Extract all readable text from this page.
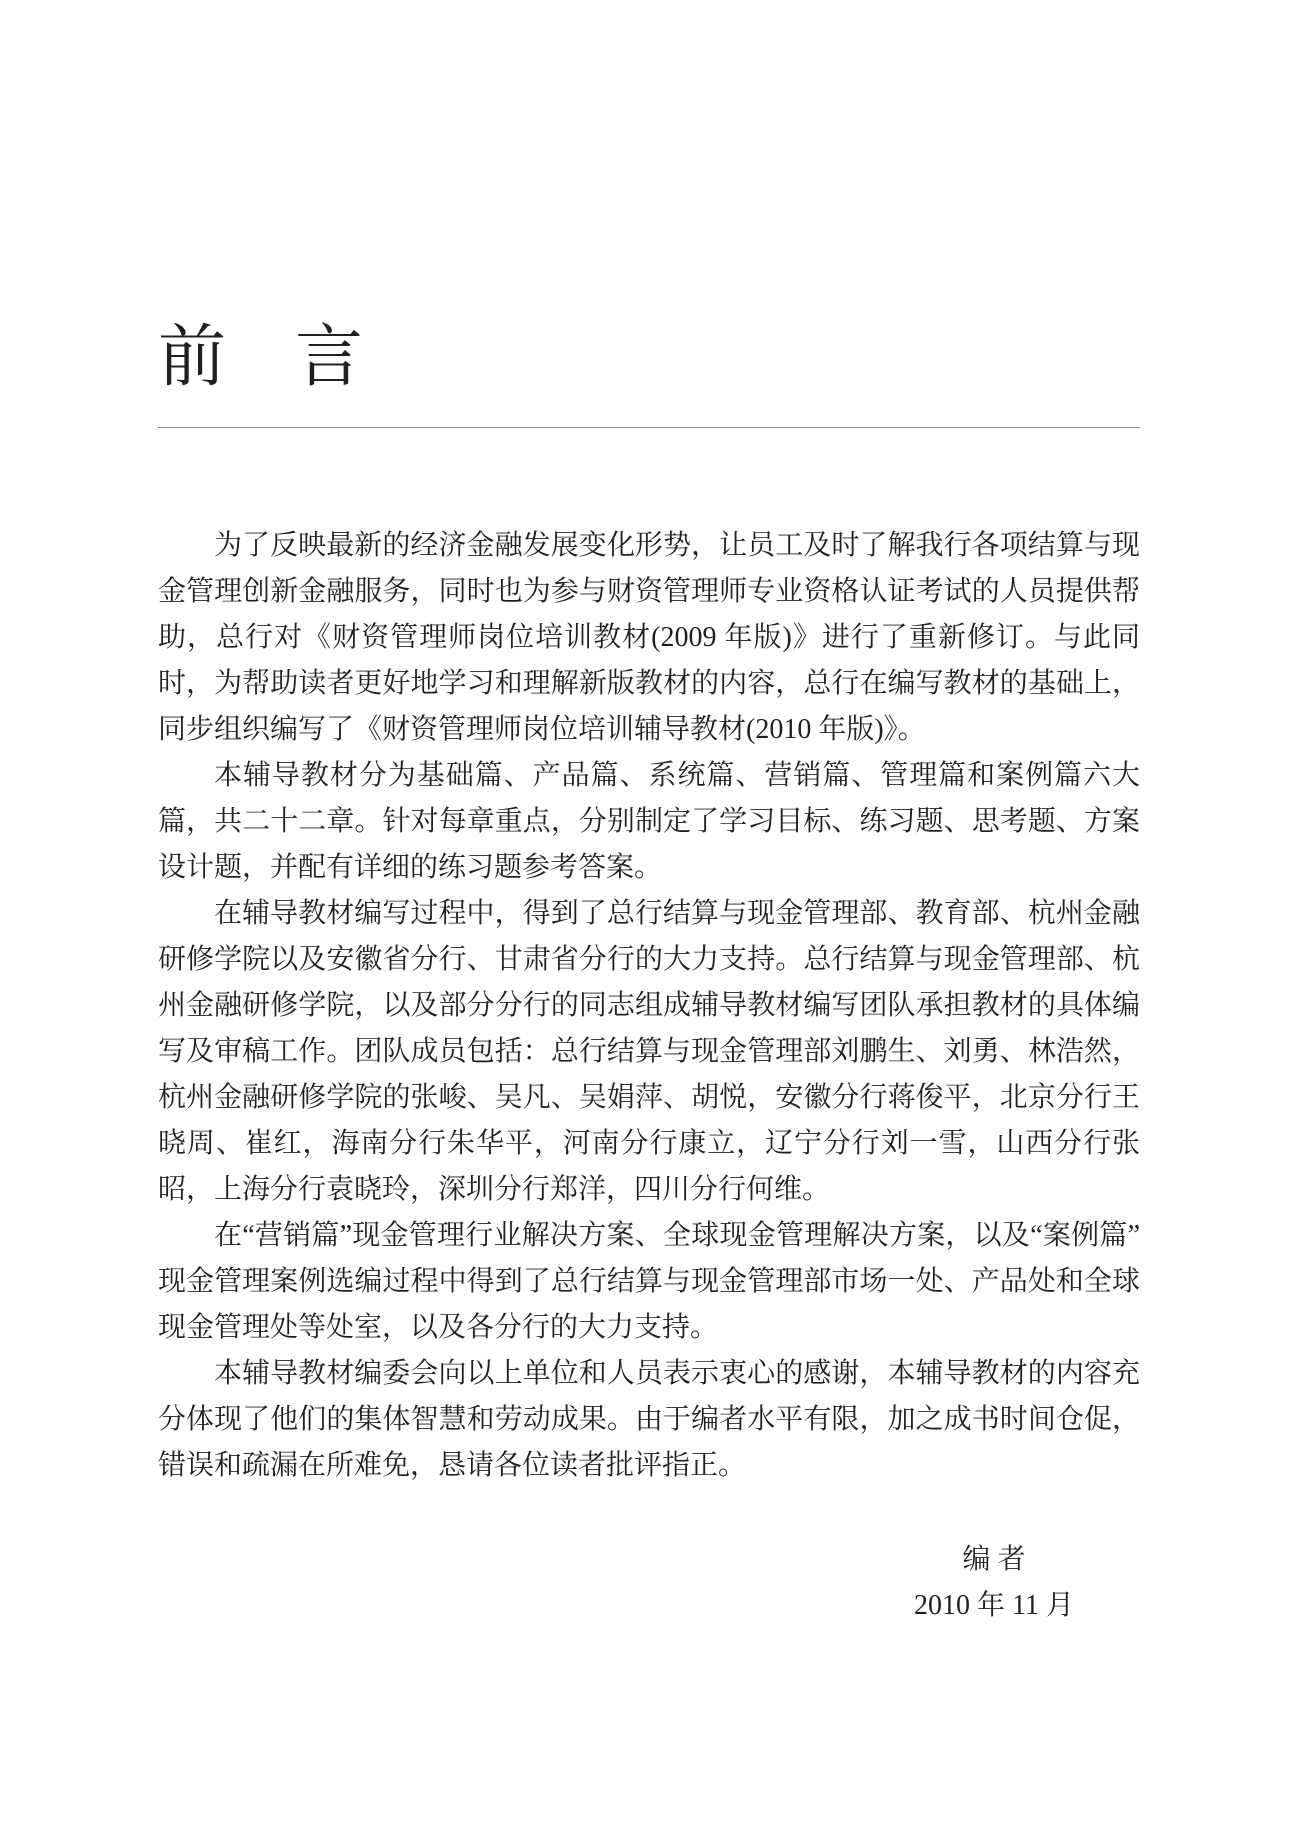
前 言

为了反映最新的经济金融发展变化形势，让员工及时了解我行各项结算与现金管理创新金融服务，同时也为参与财资管理师专业资格认证考试的人员提供帮助，总行对《财资管理师岗位培训教材(2009 年版)》进行了重新修订。与此同时，为帮助读者更好地学习和理解新版教材的内容，总行在编写教材的基础上，同步组织编写了《财资管理师岗位培训辅导教材(2010 年版)》。

本辅导教材分为基础篇、产品篇、系统篇、营销篇、管理篇和案例篇六大篇，共二十二章。针对每章重点，分别制定了学习目标、练习题、思考题、方案设计题，并配有详细的练习题参考答案。

在辅导教材编写过程中，得到了总行结算与现金管理部、教育部、杭州金融研修学院以及安徽省分行、甘肃省分行的大力支持。总行结算与现金管理部、杭州金融研修学院，以及部分分行的同志组成辅导教材编写团队承担教材的具体编写及审稿工作。团队成员包括：总行结算与现金管理部刘鹏生、刘勇、林浩然，杭州金融研修学院的张峻、吴凡、吴娟萍、胡悦，安徽分行蒋俊平，北京分行王晓周、崔红，海南分行朱华平，河南分行康立，辽宁分行刘一雪，山西分行张昭，上海分行袁晓玲，深圳分行郑洋，四川分行何维。

在“营销篇”现金管理行业解决方案、全球现金管理解决方案，以及“案例篇”现金管理案例选编过程中得到了总行结算与现金管理部市场一处、产品处和全球现金管理处等处室，以及各分行的大力支持。

本辅导教材编委会向以上单位和人员表示衷心的感谢，本辅导教材的内容充分体现了他们的集体智慧和劳动成果。由于编者水平有限，加之成书时间仓促，错误和疏漏在所难免，恳请各位读者批评指正。

编 者
2010 年 11 月
